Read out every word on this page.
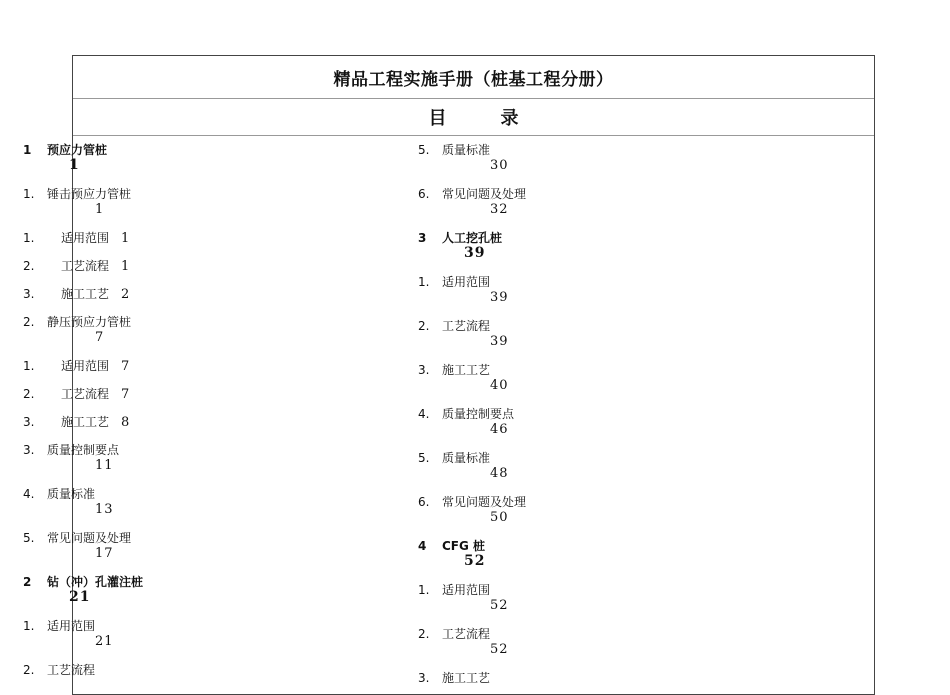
精品工程实施手册（桩基工程分册）
目	录
1	预应力管桩
1
1.	锤击预应力管桩
1
1.	适用范围 1
2.	工艺流程 1
3.	施工工艺 2
2.	静压预应力管桩
7
1.	适用范围 7
2.	工艺流程 7
3.	施工工艺 8
3.	质量控制要点
11
4.	质量标准
13
5.	常见问题及处理
17
2	钻（冲）孔灌注桩
21
1.	适用范围
21
2.	工艺流程
5.	质量标准
30
6.	常见问题及处理
32
3	人工挖孔桩
39
1.	适用范围
39
2.	工艺流程
39
3.	施工工艺
40
4.	质量控制要点
46
5.	质量标准
48
6.	常见问题及处理
50
4	CFG 桩
52
1.	适用范围
52
2.	工艺流程
52
3.	施工工艺
